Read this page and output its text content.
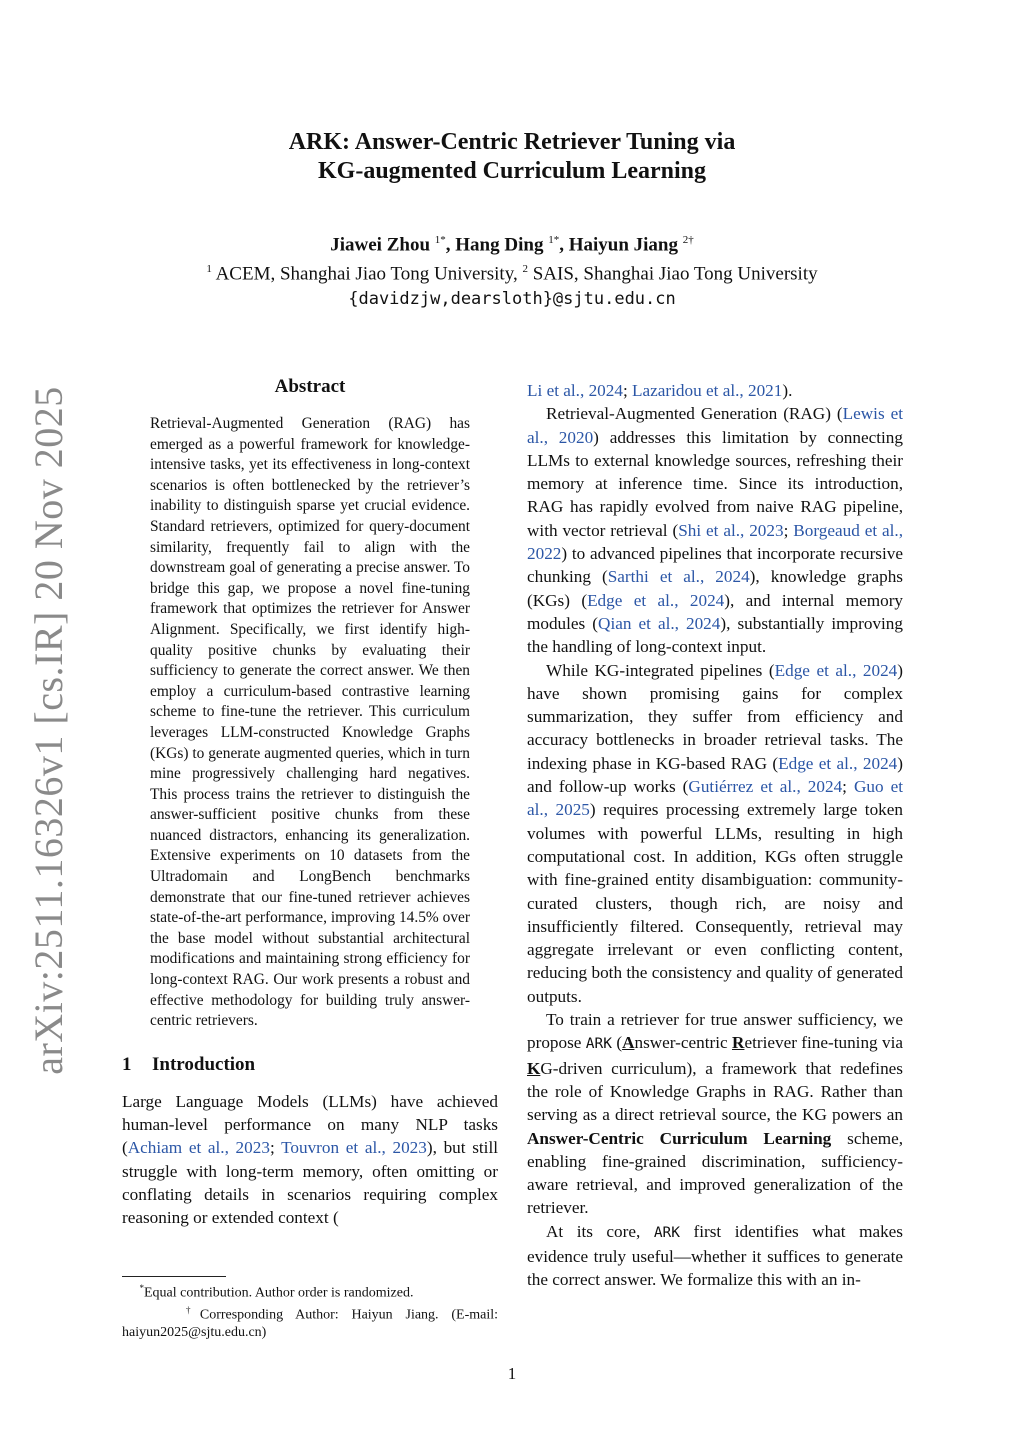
arXiv:2511.16326v1 [cs.IR] 20 Nov 2025

ARK: Answer-Centric Retriever Tuning via

KG-augmented Curriculum Learning

Jiawei Zhou $^{1*}$, Hang Ding $^{1*}$, Haiyun Jiang $^{2\dagger}$

$^1$ ACEM, Shanghai Jiao Tong University, $^2$ SAIS, Shanghai Jiao Tong University

{davidzjw,dearsloth}@sjtu.edu.cn

Abstract

Retrieval-Augmented Generation (RAG) has emerged as a powerful framework for knowledge-intensive tasks, yet its effectiveness in long-context scenarios is often bottlenecked by the retriever’s inability to distinguish sparse yet crucial evidence. Standard retrievers, optimized for query-document similarity, frequently fail to align with the downstream goal of generating a precise answer. To bridge this gap, we propose a novel fine-tuning framework that optimizes the retriever for Answer Alignment. Specifically, we first identify high-quality positive chunks by evaluating their sufficiency to generate the correct answer. We then employ a curriculum-based contrastive learning scheme to fine-tune the retriever. This curriculum leverages LLM-constructed Knowledge Graphs (KGs) to generate augmented queries, which in turn mine progressively challenging hard negatives. This process trains the retriever to distinguish the answer-sufficient positive chunks from these nuanced distractors, enhancing its generalization. Extensive experiments on 10 datasets from the Ultradomain and LongBench benchmarks demonstrate that our fine-tuned retriever achieves state-of-the-art performance, improving 14.5% over the base model without substantial architectural modifications and maintaining strong efficiency for long-context RAG. Our work presents a robust and effective methodology for building truly answer-centric retrievers.

1 Introduction

Large Language Models (LLMs) have achieved human-level performance on many NLP tasks (Achiam et al., 2023; Touvron et al., 2023), but still struggle with long-term memory, often omitting or conflating details in scenarios requiring complex reasoning or extended context (

Li et al., 2024; Lazaridou et al., 2021).

Retrieval-Augmented Generation (RAG) (Lewis et al., 2020) addresses this limitation by connecting LLMs to external knowledge sources, refreshing their memory at inference time. Since its introduction, RAG has rapidly evolved from naive RAG pipeline, with vector retrieval (Shi et al., 2023; Borgeaud et al., 2022) to advanced pipelines that incorporate recursive chunking (Sarthi et al., 2024), knowledge graphs (KGs) (Edge et al., 2024), and internal memory modules (Qian et al., 2024), substantially improving the handling of long-context input.

While KG-integrated pipelines (Edge et al., 2024) have shown promising gains for complex summarization, they suffer from efficiency and accuracy bottlenecks in broader retrieval tasks. The indexing phase in KG-based RAG (Edge et al., 2024) and follow-up works (Gutiérrez et al., 2024; Guo et al., 2025) requires processing extremely large token volumes with powerful LLMs, resulting in high computational cost. In addition, KGs often struggle with fine-grained entity disambiguation: community-curated clusters, though rich, are noisy and insufficiently filtered. Consequently, retrieval may aggregate irrelevant or even conflicting content, reducing both the consistency and quality of generated outputs.

To train a retriever for true answer sufficiency, we propose ARK (Answer-centric Retriever fine-tuning via KG-driven curriculum), a framework that redefines the role of Knowledge Graphs in RAG. Rather than serving as a direct retrieval source, the KG powers an Answer-Centric Curriculum Learning scheme, enabling fine-grained discrimination, sufficiency-aware retrieval, and improved generalization of the retriever.

At its core, ARK first identifies what makes evidence truly useful—whether it suffices to generate the correct answer. We formalize this with an in-

*Equal contribution. Author order is randomized.

†Corresponding Author: Haiyun Jiang. (E-mail: haiyun2025@sjtu.edu.cn)

1
